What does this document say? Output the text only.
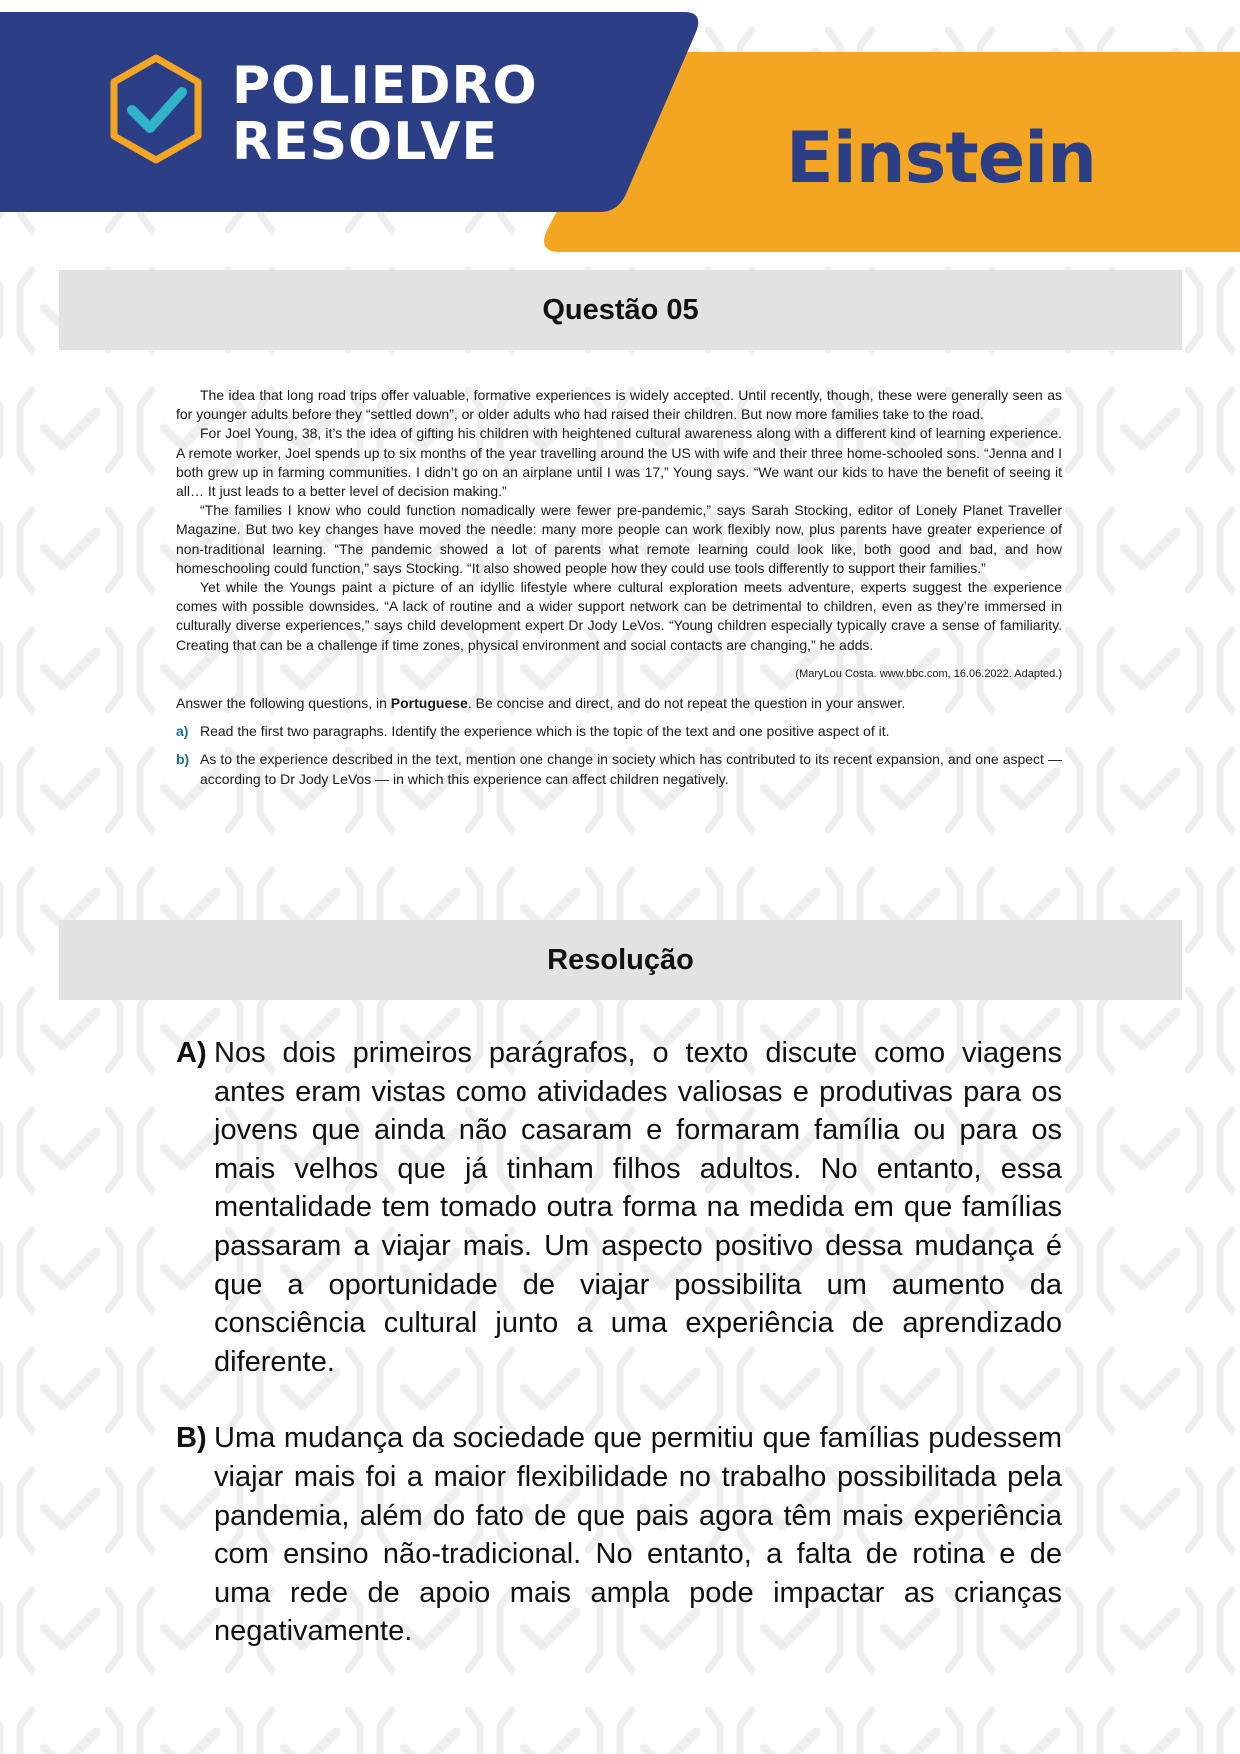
POLIEDRO
RESOLVE	Einstein
Questão 05

The idea that long road trips offer valuable, formative experiences is widely accepted. Until recently, though, these were generally seen as for younger adults before they “settled down”, or older adults who had raised their children. But now more families take to the road.

For Joel Young, 38, it’s the idea of gifting his children with heightened cultural awareness along with a different kind of learning experience. A remote worker, Joel spends up to six months of the year travelling around the US with wife and their three home-schooled sons. “Jenna and I both grew up in farming communities. I didn’t go on an airplane until I was 17,” Young says. “We want our kids to have the benefit of seeing it all… It just leads to a better level of decision making.”

“The families I know who could function nomadically were fewer pre-pandemic,” says Sarah Stocking, editor of Lonely Planet Traveller Magazine. But two key changes have moved the needle: many more people can work flexibly now, plus parents have greater experience of non-traditional learning. “The pandemic showed a lot of parents what remote learning could look like, both good and bad, and how homeschooling could function,” says Stocking. “It also showed people how they could use tools differently to support their families.”

Yet while the Youngs paint a picture of an idyllic lifestyle where cultural exploration meets adventure, experts suggest the experience comes with possible downsides. “A lack of routine and a wider support network can be detrimental to children, even as they’re immersed in culturally diverse experiences,” says child development expert Dr Jody LeVos. “Young children especially typically crave a sense of familiarity. Creating that can be a challenge if time zones, physical environment and social contacts are changing,” he adds.

(MaryLou Costa. www.bbc.com, 16.06.2022. Adapted.)

Answer the following questions, in Portuguese. Be concise and direct, and do not repeat the question in your answer.

a) Read the first two paragraphs. Identify the experience which is the topic of the text and one positive aspect of it.
b) As to the experience described in the text, mention one change in society which has contributed to its recent expansion, and one aspect — according to Dr Jody LeVos — in which this experience can affect children negatively.
Resolução
A) Nos dois primeiros parágrafos, o texto discute como viagens antes eram vistas como atividades valiosas e produtivas para os jovens que ainda não casaram e formaram família ou para os mais velhos que já tinham filhos adultos. No entanto, essa mentalidade tem tomado outra forma na medida em que famílias passaram a viajar mais. Um aspecto positivo dessa mudança é que a oportunidade de viajar possibilita um aumento da consciência cultural junto a uma experiência de aprendizado diferente.
B) Uma mudança da sociedade que permitiu que famílias pudessem viajar mais foi a maior flexibilidade no trabalho possibilitada pela pandemia, além do fato de que pais agora têm mais experiência com ensino não-tradicional. No entanto, a falta de rotina e de uma rede de apoio mais ampla pode impactar as crianças negativamente.
